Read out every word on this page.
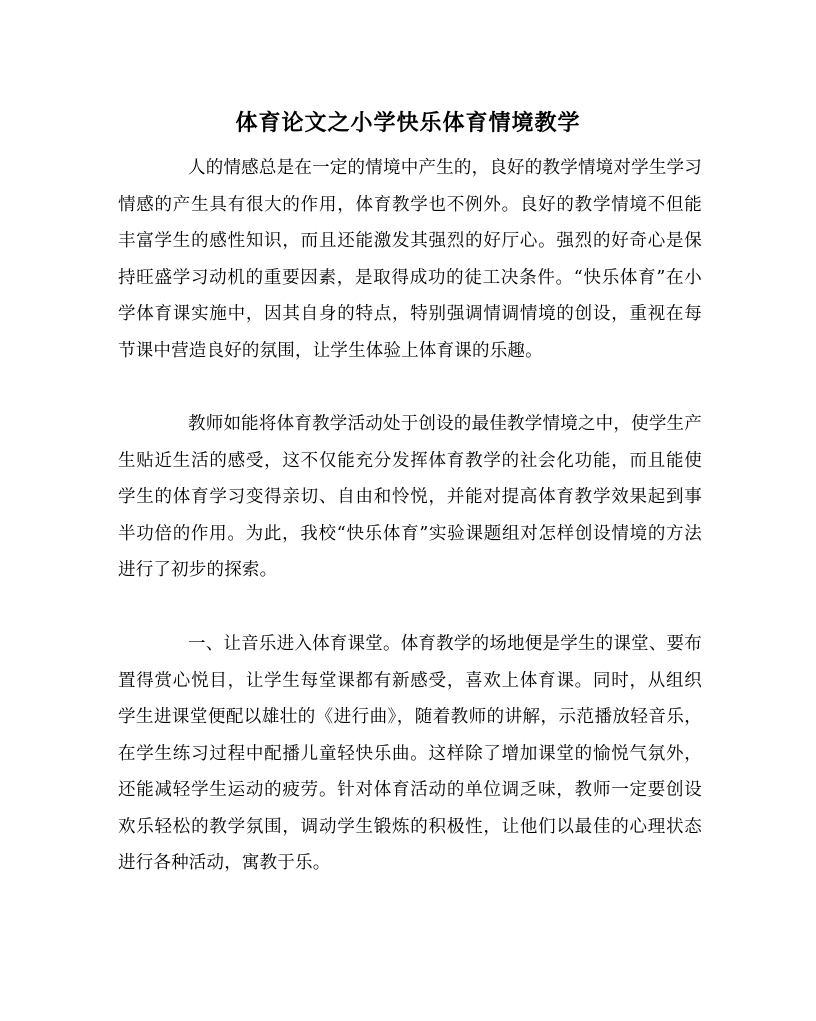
体育论文之小学快乐体育情境教学

人的情感总是在一定的情境中产生的，良好的教学情境对学生学习情感的产生具有很大的作用，体育教学也不例外。良好的教学情境不但能丰富学生的感性知识，而且还能激发其强烈的好厅心。强烈的好奇心是保持旺盛学习动机的重要因素，是取得成功的徒工决条件。“快乐体育”在小学体育课实施中，因其自身的特点，特别强调情调情境的创设，重视在每节课中营造良好的氛围，让学生体验上体育课的乐趣。

教师如能将体育教学活动处于创设的最佳教学情境之中，使学生产生贴近生活的感受，这不仅能充分发挥体育教学的社会化功能，而且能使学生的体育学习变得亲切、自由和怜悦，并能对提高体育教学效果起到事半功倍的作用。为此，我校“快乐体育”实验课题组对怎样创设情境的方法进行了初步的探索。

一、让音乐进入体育课堂。体育教学的场地便是学生的课堂、要布置得赏心悦目，让学生每堂课都有新感受，喜欢上体育课。同时，从组织学生进课堂便配以雄壮的《进行曲》，随着教师的讲解，示范播放轻音乐，在学生练习过程中配播儿童轻快乐曲。这样除了增加课堂的愉悦气氛外，还能减轻学生运动的疲劳。针对体育活动的单位调乏味，教师一定要创设欢乐轻松的教学氛围，调动学生锻炼的积极性，让他们以最佳的心理状态进行各种活动，寓教于乐。
